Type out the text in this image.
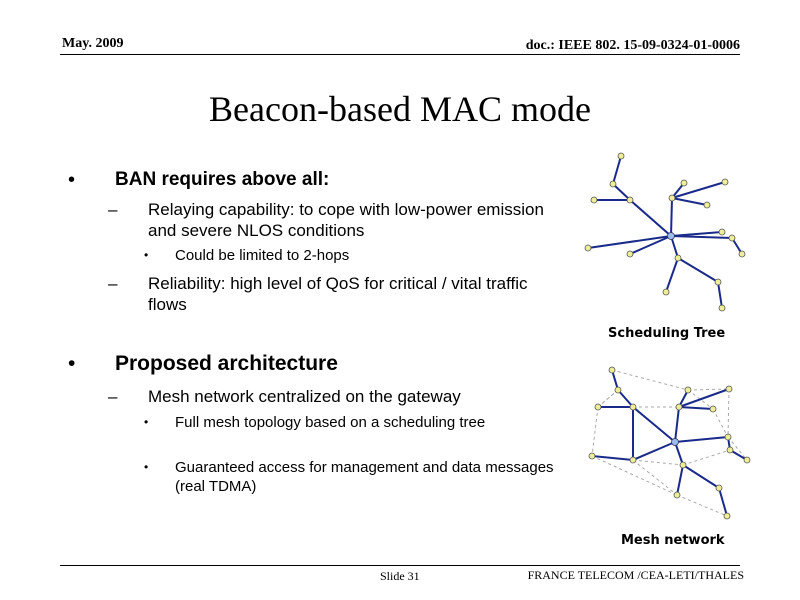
May. 2009	doc.: IEEE 802. 15-09-0324-01-0006
Beacon-based MAC mode
• BAN requires above all:
– Relaying capability: to cope with low-power emission and severe NLOS conditions
• Could be limited to 2-hops
– Reliability: high level of QoS for critical / vital traffic flows
• Proposed architecture
– Mesh network centralized on the gateway
• Full mesh topology based on a scheduling tree
• Guaranteed access for management and data messages (real TDMA)
Scheduling Tree
Mesh network
Slide 31	FRANCE TELECOM /CEA-LETI/THALES
